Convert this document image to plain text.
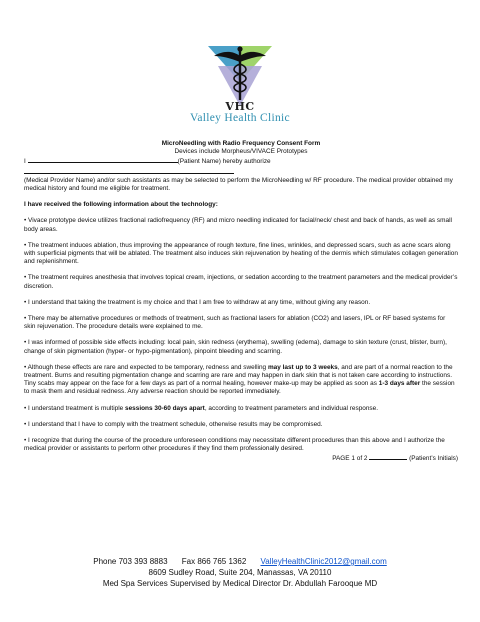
VHC
Valley Health Clinic

MicroNeedling with Radio Frequency Consent Form

Devices include Morpheus/VIVACE Prototypes

I	(Patient Name) hereby authorize

(Medical Provider Name) and/or such assistants as may be selected to perform the MicroNeedling w/ RF procedure. The medical provider obtained my medical history and found me eligible for treatment.

I have received the following information about the technology:

• Vivace prototype device utilizes fractional radiofrequency (RF) and micro needling indicated for facial/neck/ chest and back of hands, as well as small body areas.

• The treatment induces ablation, thus improving the appearance of rough texture, fine lines, wrinkles, and depressed scars, such as acne scars along with superficial pigments that will be ablated. The treatment also induces skin rejuvenation by heating of the dermis which stimulates collagen generation and replenishment.

• The treatment requires anesthesia that involves topical cream, injections, or sedation according to the treatment parameters and the medical provider’s discretion.

• I understand that taking the treatment is my choice and that I am free to withdraw at any time, without giving any reason.

• There may be alternative procedures or methods of treatment, such as fractional lasers for ablation (CO2) and lasers, IPL or RF based systems for skin rejuvenation. The procedure details were explained to me.

• I was informed of possible side effects including: local pain, skin redness (erythema), swelling (edema), damage to skin texture (crust, blister, burn), change of skin pigmentation (hyper- or hypo-pigmentation), pinpoint bleeding and scarring.

• Although these effects are rare and expected to be temporary, redness and swelling may last up to 3 weeks, and are part of a normal reaction to the treatment. Burns and resulting pigmentation change and scarring are rare and may happen in dark skin that is not taken care according to instructions. Tiny scabs may appear on the face for a few days as part of a normal healing, however make-up may be applied as soon as 1-3 days after the session to mask them and residual redness. Any adverse reaction should be reported immediately.

• I understand treatment is multiple sessions 30-60 days apart, according to treatment parameters and individual response.

• I understand that I have to comply with the treatment schedule, otherwise results may be compromised.

• I recognize that during the course of the procedure unforeseen conditions may necessitate different procedures than this above and I authorize the medical provider or assistants to perform other procedures if they find them professionally desired.

PAGE 1 of 2	(Patient’s Initials)

Phone 703 393 8883 Fax 866 765 1362 ValleyHealthClinic2012@gmail.com
8609 Sudley Road, Suite 204, Manassas, VA 20110
Med Spa Services Supervised by Medical Director Dr. Abdullah Farooque MD
